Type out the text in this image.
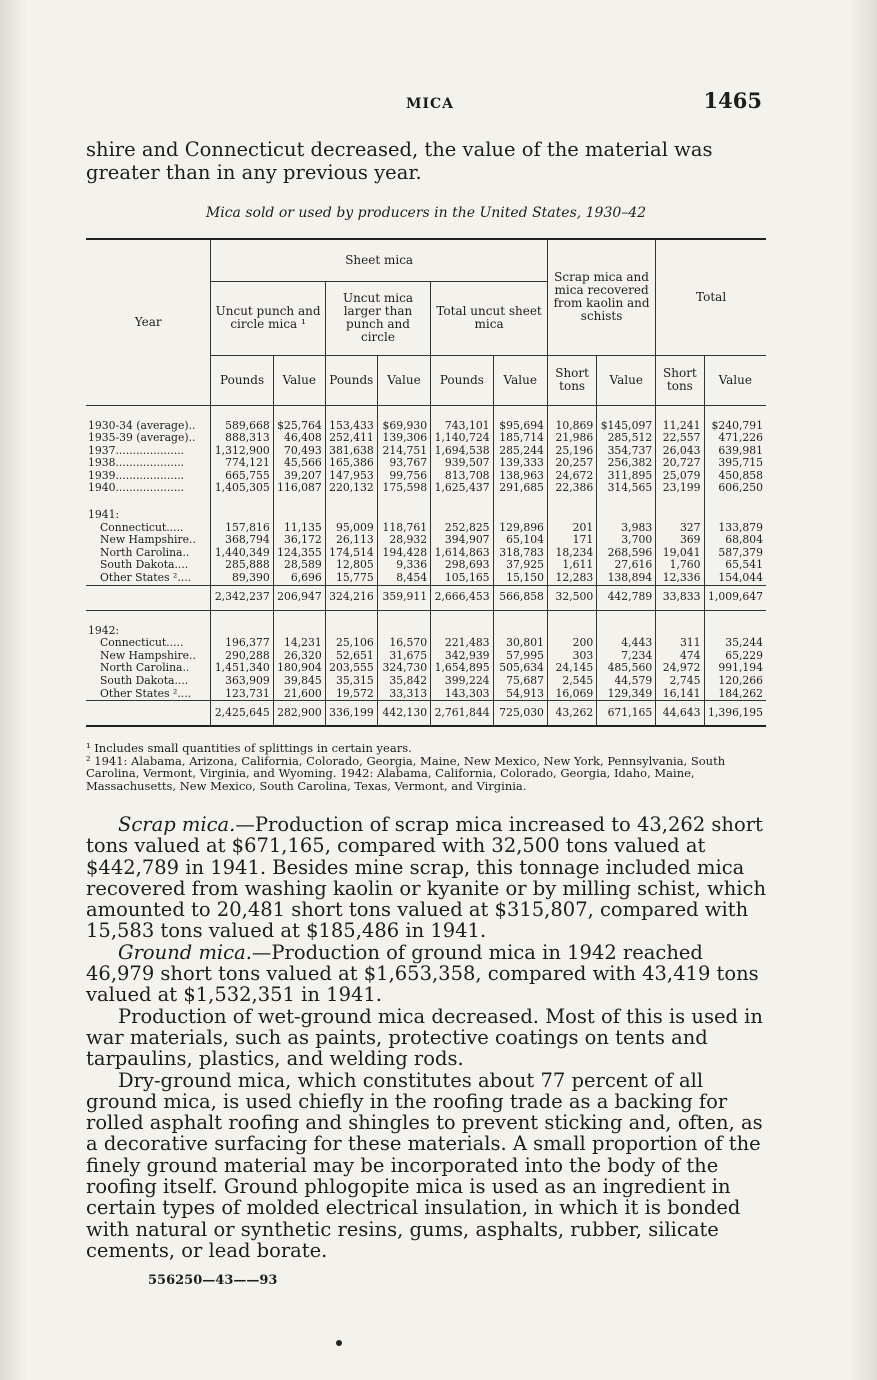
MICA	1465
shire and Connecticut decreased, the value of the material was greater than in any previous year.
Mica sold or used by producers in the United States, 1930–42
Year	Sheet mica						Scrap mica and mica recovered from kaolin and schists		Total	
	Uncut punch and circle mica ¹		Uncut mica larger than punch and circle		Total uncut sheet mica					
	Pounds	Value	Pounds	Value	Pounds	Value	Short tons	Value	Short tons	Value

1930-34 (average)..	589,668	$25,764	153,433	$69,930	743,101	$95,694	10,869	$145,097	11,241	$240,791
1935-39 (average)..	888,313	46,408	252,411	139,306	1,140,724	185,714	21,986	285,512	22,557	471,226
1937....................	1,312,900	70,493	381,638	214,751	1,694,538	285,244	25,196	354,737	26,043	639,981
1938....................	774,121	45,566	165,386	93,767	939,507	139,333	20,257	256,382	20,727	395,715
1939....................	665,755	39,207	147,953	99,756	813,708	138,963	24,672	311,895	25,079	450,858
1940....................	1,405,305	116,087	220,132	175,598	1,625,437	291,685	22,386	314,565	23,199	606,250

1941:										
Connecticut.....	157,816	11,135	95,009	118,761	252,825	129,896	201	3,983	327	133,879
New Hampshire..	368,794	36,172	26,113	28,932	394,907	65,104	171	3,700	369	68,804
North Carolina..	1,440,349	124,355	174,514	194,428	1,614,863	318,783	18,234	268,596	19,041	587,379
South Dakota....	285,888	28,589	12,805	9,336	298,693	37,925	1,611	27,616	1,760	65,541
Other States ²....	89,390	6,696	15,775	8,454	105,165	15,150	12,283	138,894	12,336	154,044
	2,342,237	206,947	324,216	359,911	2,666,453	566,858	32,500	442,789	33,833	1,009,647

1942:										
Connecticut.....	196,377	14,231	25,106	16,570	221,483	30,801	200	4,443	311	35,244
New Hampshire..	290,288	26,320	52,651	31,675	342,939	57,995	303	7,234	474	65,229
North Carolina..	1,451,340	180,904	203,555	324,730	1,654,895	505,634	24,145	485,560	24,972	991,194
South Dakota....	363,909	39,845	35,315	35,842	399,224	75,687	2,545	44,579	2,745	120,266
Other States ²....	123,731	21,600	19,572	33,313	143,303	54,913	16,069	129,349	16,141	184,262
	2,425,645	282,900	336,199	442,130	2,761,844	725,030	43,262	671,165	44,643	1,396,195

¹ Includes small quantities of splittings in certain years.

² 1941: Alabama, Arizona, California, Colorado, Georgia, Maine, New Mexico, New York, Pennsylvania, South Carolina, Vermont, Virginia, and Wyoming. 1942: Alabama, California, Colorado, Georgia, Idaho, Maine, Massachusetts, New Mexico, South Carolina, Texas, Vermont, and Virginia.

Scrap mica.—Production of scrap mica increased to 43,262 short tons valued at $671,165, compared with 32,500 tons valued at $442,789 in 1941. Besides mine scrap, this tonnage included mica recovered from washing kaolin or kyanite or by milling schist, which amounted to 20,481 short tons valued at $315,807, compared with 15,583 tons valued at $185,486 in 1941.

Ground mica.—Production of ground mica in 1942 reached 46,979 short tons valued at $1,653,358, compared with 43,419 tons valued at $1,532,351 in 1941.

Production of wet-ground mica decreased. Most of this is used in war materials, such as paints, protective coatings on tents and tarpaulins, plastics, and welding rods.

Dry-ground mica, which constitutes about 77 percent of all ground mica, is used chiefly in the roofing trade as a backing for rolled asphalt roofing and shingles to prevent sticking and, often, as a decorative surfacing for these materials. A small proportion of the finely ground material may be incorporated into the body of the roofing itself. Ground phlogopite mica is used as an ingredient in certain types of molded electrical insulation, in which it is bonded with natural or synthetic resins, gums, asphalts, rubber, silicate cements, or lead borate.

556250—43——93
